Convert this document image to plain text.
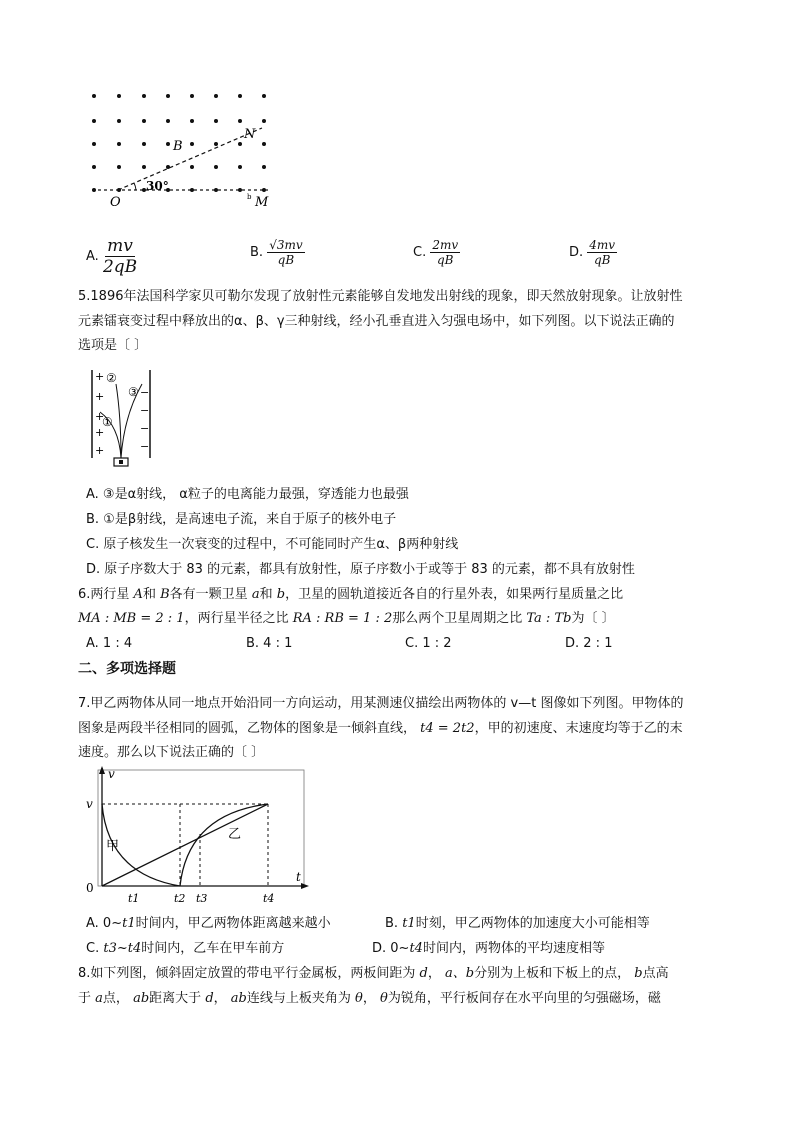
O	M
b
N
B
30°
A. $\frac{mv}{2qB}$	B. $\frac{√3mv}{qB}$	C. $\frac{2mv}{qB}$	D. $\frac{4mv}{qB}$
5.1896年法国科学家贝可勒尔发现了放射性元素能够自发地发出射线的现象，即天然放射现象。让放射性
元素镭衰变过程中释放出的α、β、γ三种射线，经小孔垂直进入匀强电场中，如下列图。以下说法正确的
选项是〔 〕
+
+
+
+
+
−
−
−
−
②
③
①
A. ③是α射线， α粒子的电离能力最强，穿透能力也最强
B. ①是β射线，是高速电子流，来自于原子的核外电子
C. 原子核发生一次衰变的过程中，不可能同时产生α、β两种射线
D. 原子序数大于 83 的元素，都具有放射性，原子序数小于或等于 83 的元素，都不具有放射性
6.两行星 A和 B各有一颗卫星 a和 b，卫星的圆轨道接近各自的行星外表，如果两行星质量之比
MA : MB = 2 : 1，两行星半径之比 RA : RB = 1 : 2那么两个卫星周期之比 Ta : Tb为〔 〕
A. 1 : 4	B. 4 : 1	C. 1 : 2	D. 2 : 1
二、多项选择题
7.甲乙两物体从同一地点开始沿同一方向运动，用某测速仪描绘出两物体的 v—t 图像如下列图。甲物体的
图象是两段半径相同的圆弧，乙物体的图象是一倾斜直线， t4 = 2t2，甲的初速度、末速度均等于乙的末
速度。那么以下说法正确的〔 〕
v
t
v
0
甲
乙
t1	t2 t3	t4
A. 0~t1时间内，甲乙两物体距离越来越小	B. t1时刻，甲乙两物体的加速度大小可能相等
C. t3~t4时间内，乙车在甲车前方	D. 0~t4时间内，两物体的平均速度相等
8.如下列图，倾斜固定放置的带电平行金属板，两板间距为 d， a、b分别为上板和下板上的点， b点高
于 a点， ab距离大于 d， ab连线与上板夹角为 θ， θ为锐角，平行板间存在水平向里的匀强磁场，磁
